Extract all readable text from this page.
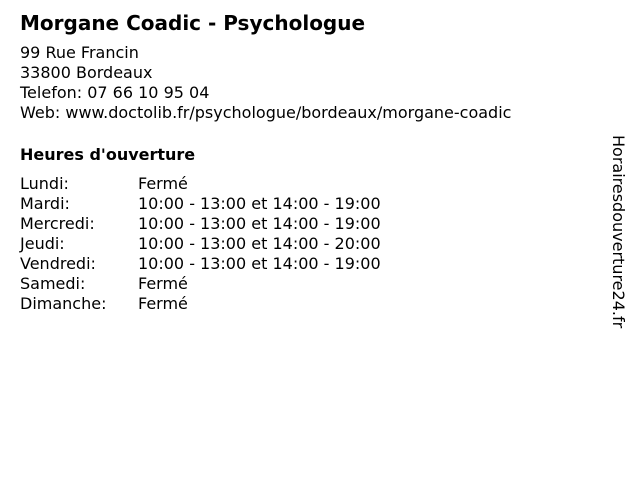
Morgane Coadic - Psychologue
99 Rue Francin
33800 Bordeaux
Telefon: 07 66 10 95 04
Web: www.doctolib.fr/psychologue/bordeaux/morgane-coadic
Heures d'ouverture
Lundi:	Fermé
Mardi:	10:00 - 13:00 et 14:00 - 19:00
Mercredi:	10:00 - 13:00 et 14:00 - 19:00
Jeudi:	10:00 - 13:00 et 14:00 - 20:00
Vendredi:	10:00 - 13:00 et 14:00 - 19:00
Samedi:	Fermé
Dimanche:	Fermé	Horairesdouverture24.fr
